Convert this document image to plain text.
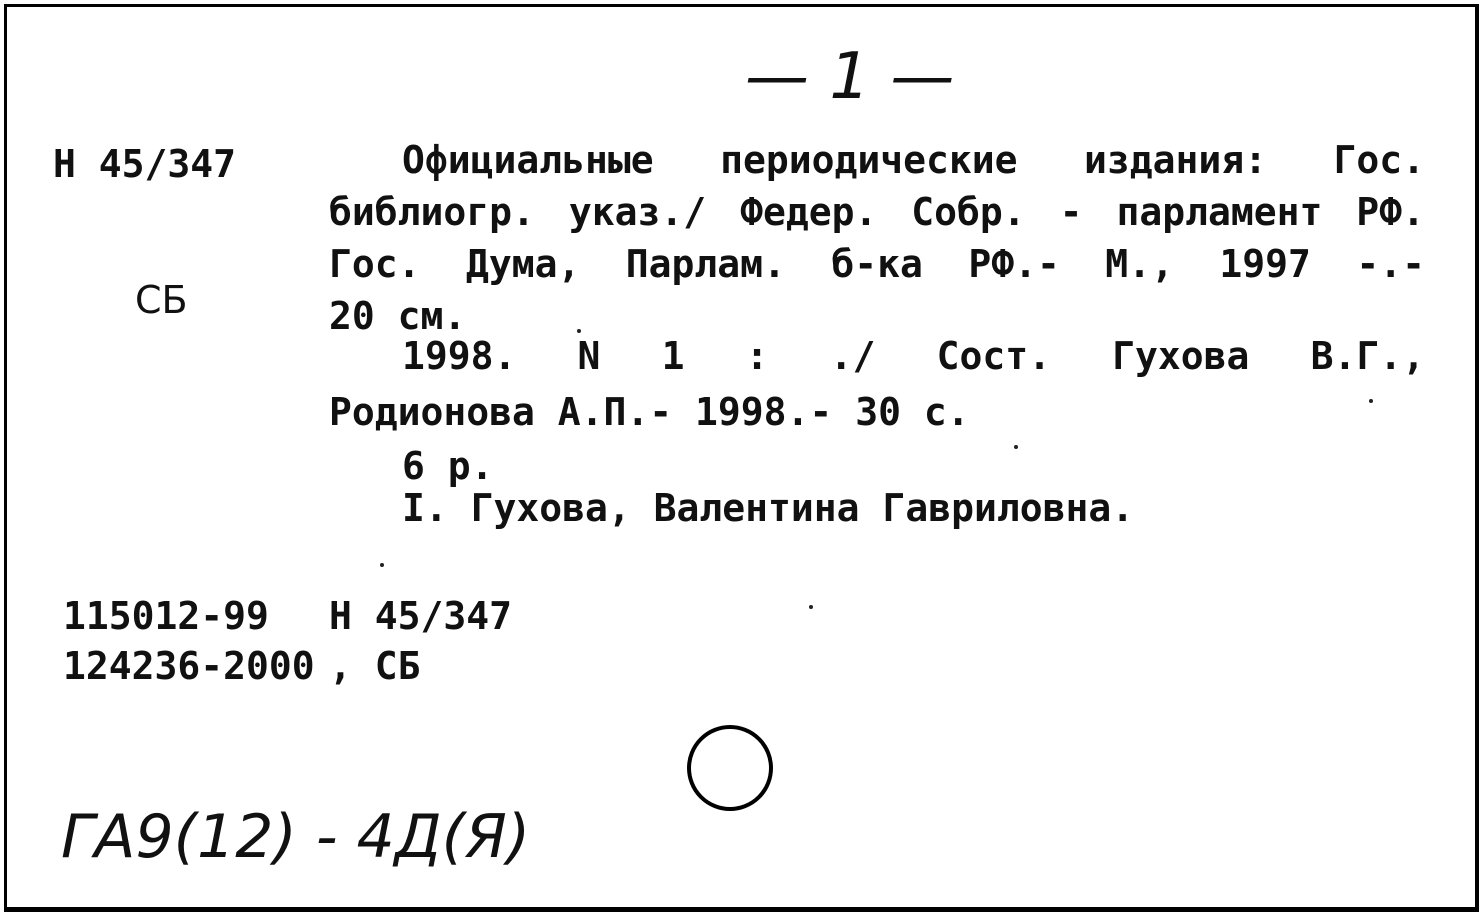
— 1 —
Н 45/347
СБ
Официальные периодические издания: Гос.
библиогр. указ./ Федер. Собр. - парламент РФ.
Гос. Дума, Парлам. б-ка РФ.- М., 1997 -.-
20 см.
1998. N 1 : ./ Сост. Гухова В.Г.,
Родионова А.П.- 1998.- 30 с.
6 р.
I. Гухова, Валентина Гавриловна.
115012-99 Н 45/347
124236-2000 , СБ
ГА9(12) - 4Д(Я)
